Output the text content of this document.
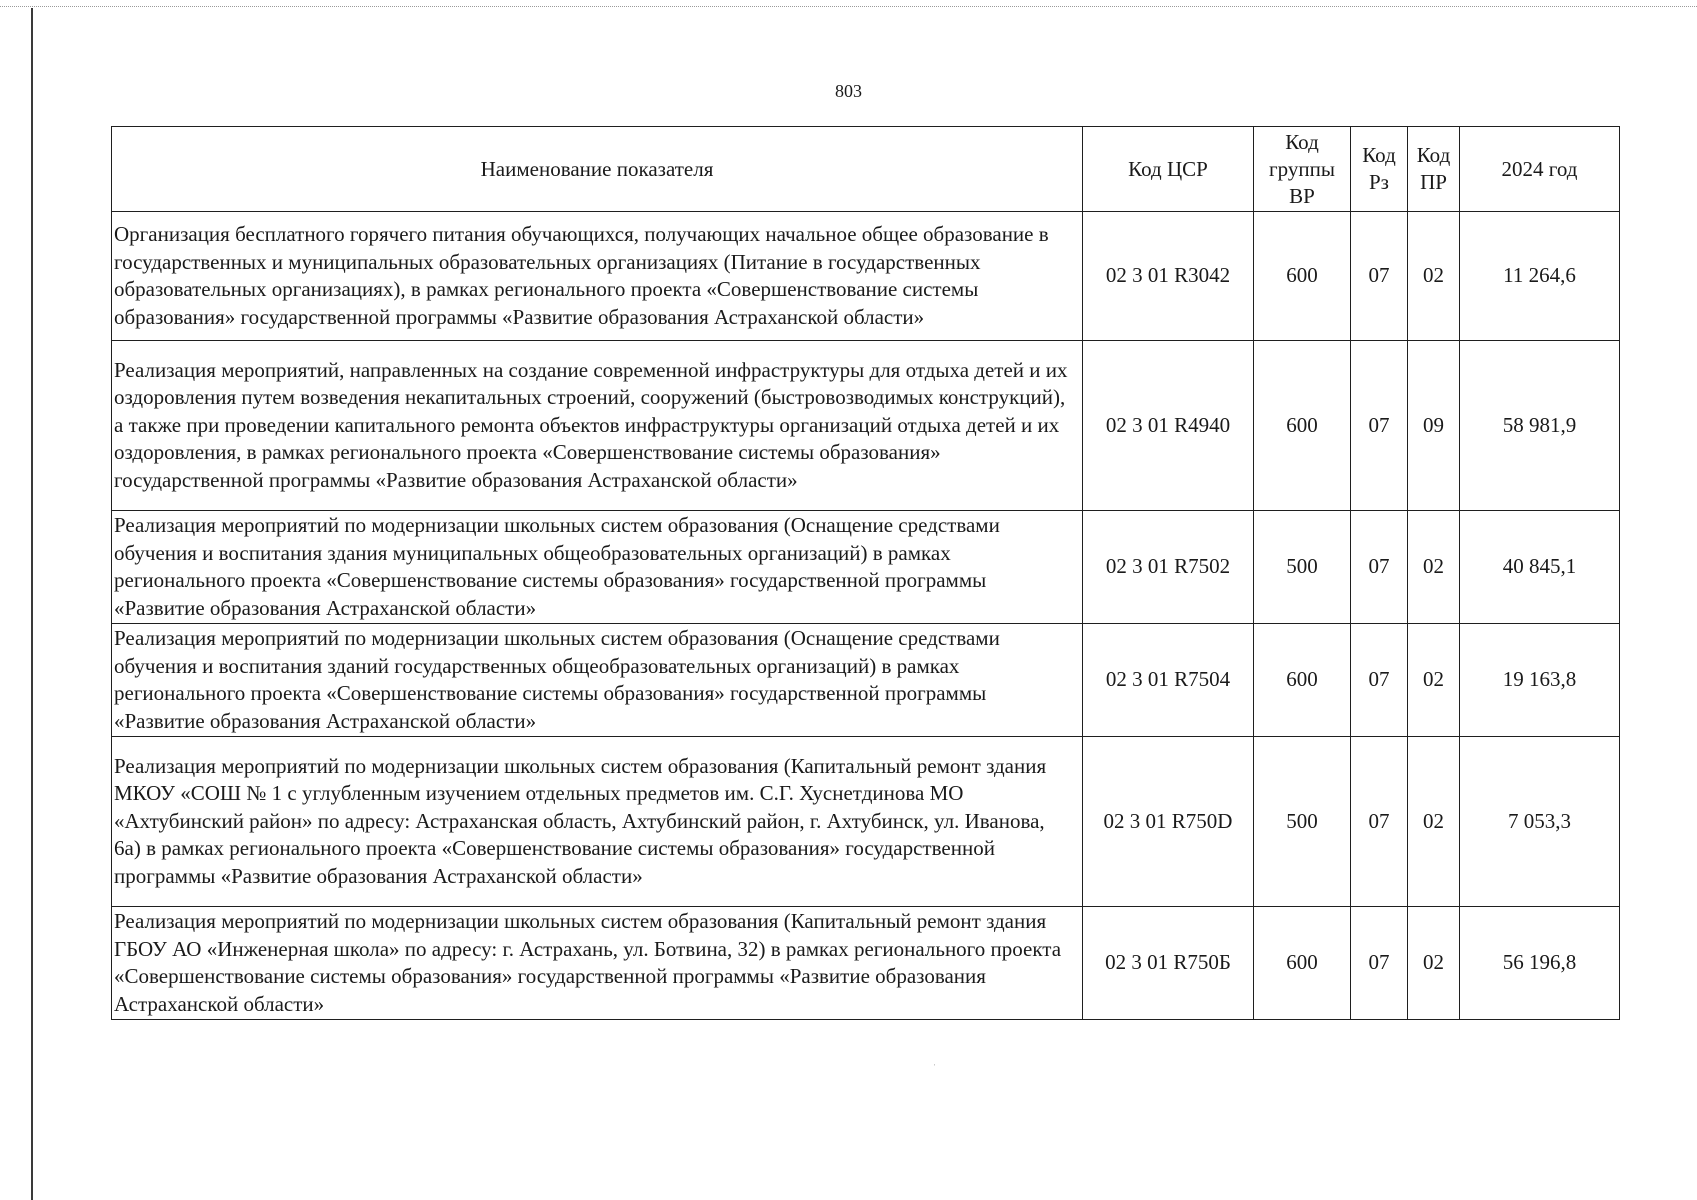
803
Наименование показателя	Код ЦСР	Код группы ВР	Код Рз	Код ПР	2024 год
Организация бесплатного горячего питания обучающихся, получающих начальное общее образование в государственных и муниципальных образовательных организациях (Питание в государственных образовательных организациях), в рамках регионального проекта «Совершенствование системы образования» государственной программы «Развитие образования Астраханской области»	02 3 01 R3042	600	07	02	11 264,6
Реализация мероприятий, направленных на создание современной инфраструктуры для отдыха детей и их оздоровления путем возведения некапитальных строений, сооружений (быстровозводимых конструкций), а также при проведении капитального ремонта объектов инфраструктуры организаций отдыха детей и их оздоровления, в рамках регионального проекта «Совершенствование системы образования» государственной программы «Развитие образования Астраханской области»	02 3 01 R4940	600	07	09	58 981,9
Реализация мероприятий по модернизации школьных систем образования (Оснащение средствами обучения и воспитания здания муниципальных общеобразовательных организаций) в рамках регионального проекта «Совершенствование системы образования» государственной программы «Развитие образования Астраханской области»	02 3 01 R7502	500	07	02	40 845,1
Реализация мероприятий по модернизации школьных систем образования (Оснащение средствами обучения и воспитания зданий государственных общеобразовательных организаций) в рамках регионального проекта «Совершенствование системы образования» государственной программы «Развитие образования Астраханской области»	02 3 01 R7504	600	07	02	19 163,8
Реализация мероприятий по модернизации школьных систем образования (Капитальный ремонт здания МКОУ «СОШ № 1 с углубленным изучением отдельных предметов им. С.Г. Хуснетдинова МО «Ахтубинский район» по адресу: Астраханская область, Ахтубинский район, г. Ахтубинск, ул. Иванова, 6а) в рамках регионального проекта «Совершенствование системы образования» государственной программы «Развитие образования Астраханской области»	02 3 01 R750D	500	07	02	7 053,3
Реализация мероприятий по модернизации школьных систем образования (Капитальный ремонт здания ГБОУ АО «Инженерная школа» по адресу: г. Астрахань, ул. Ботвина, 32) в рамках регионального проекта «Совершенствование системы образования» государственной программы «Развитие образования Астраханской области»	02 3 01 R750Б	600	07	02	56 196,8
ˈ
